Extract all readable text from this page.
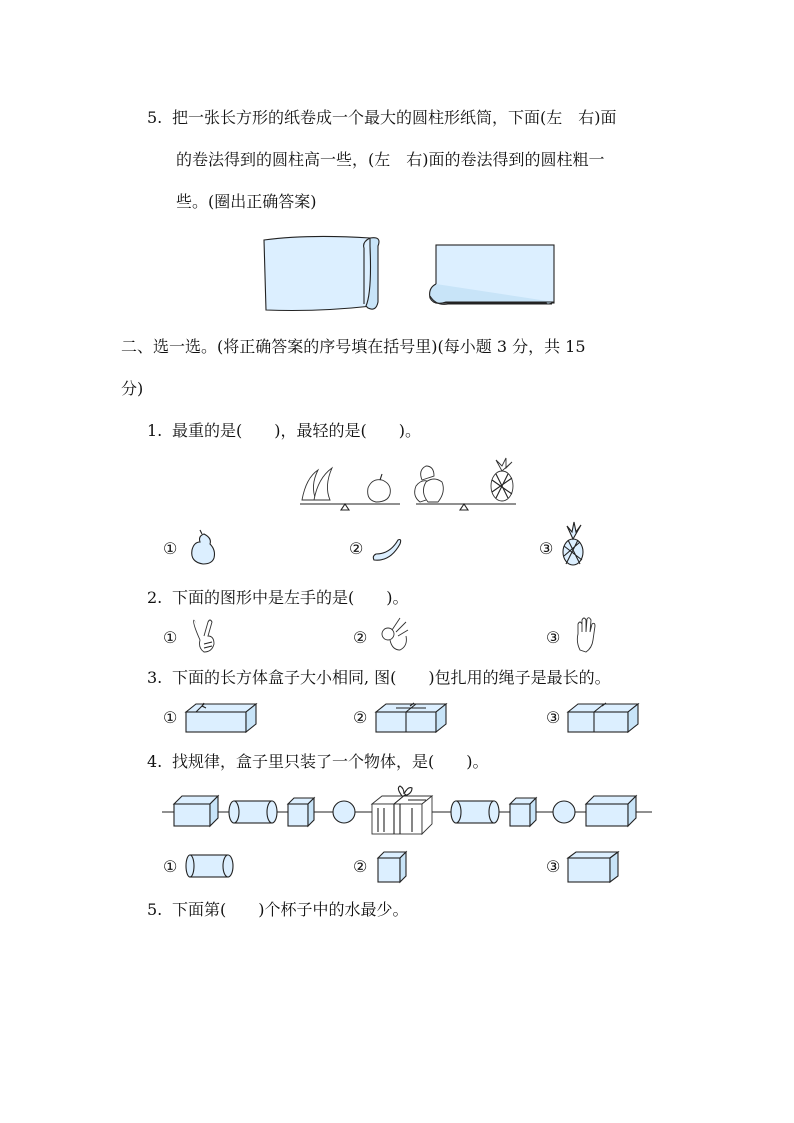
5. 把一张长方形的纸卷成一个最大的圆柱形纸筒，下面(左　右)面
的卷法得到的圆柱高一些，(左　右)面的卷法得到的圆柱粗一
些。(圈出正确答案)
二、选一选。(将正确答案的序号填在括号里)(每小题 3 分，共 15
分)
1. 最重的是(　　)，最轻的是(　　)。
①	②	③
2. 下面的图形中是左手的是(　　)。
①	②	③
3. 下面的长方体盒子大小相同, 图(　　)包扎用的绳子是最长的。
①	②	③
4. 找规律，盒子里只装了一个物体，是(　　)。
①	②	③
5. 下面第(　　)个杯子中的水最少。
